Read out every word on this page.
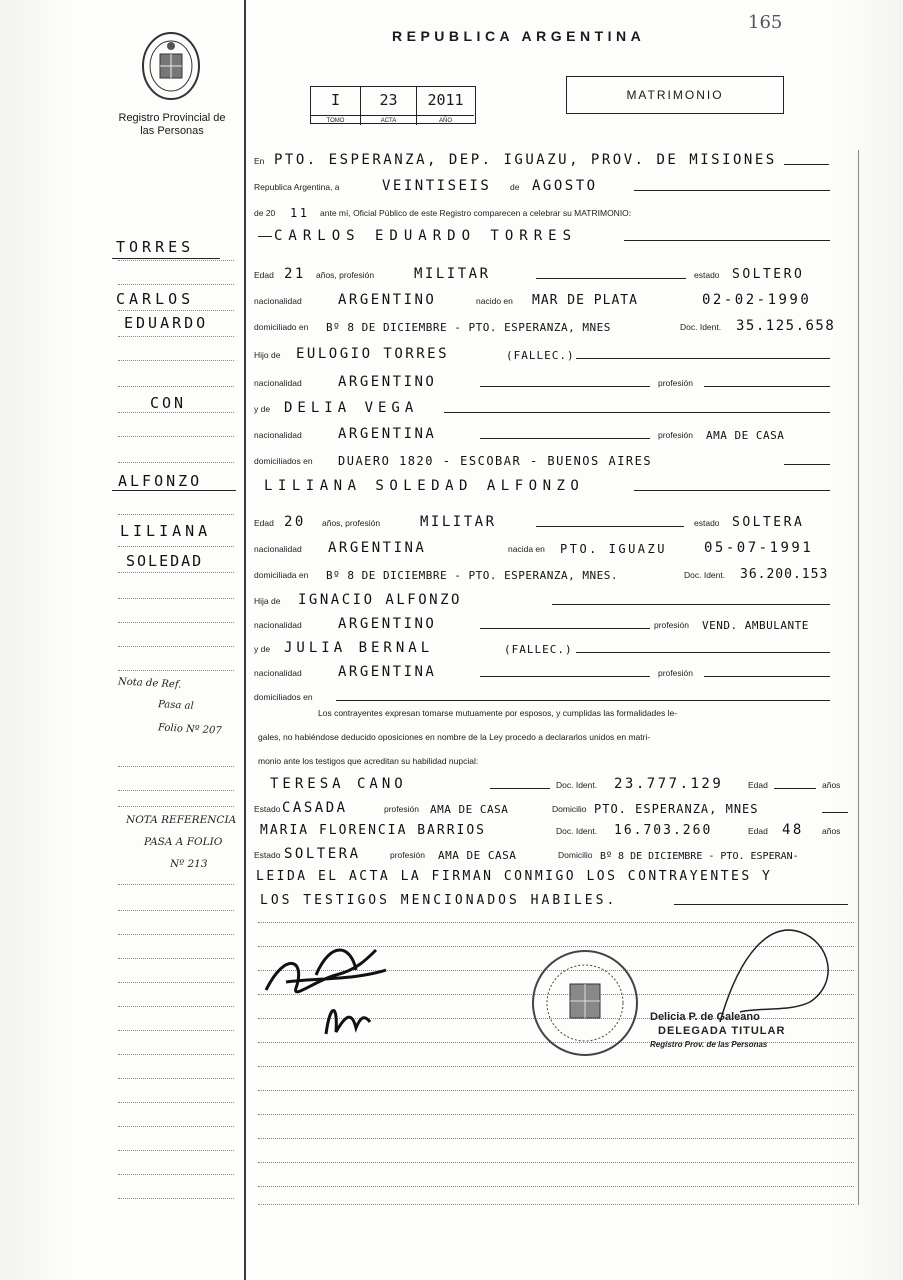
Registro Provincial de las Personas
REPUBLICA ARGENTINA
165
I
TOMO
23
ACTA
2011
AÑO
MATRIMONIO
En PTO. ESPERANZA, DEP. IGUAZU, PROV. DE MISIONES
Republica Argentina, a	VEINTISEIS de AGOSTO
de 20 11 ante mí, Oficial Público de este Registro comparecen a celebrar su MATRIMONIO:
CARLOS EDUARDO TORRES
Edad 21 años, profesión	MILITAR	estado SOLTERO
nacionalidad	ARGENTINO	nacido en MAR DE PLATA	02-02-1990
domiciliado en Bº 8 DE DICIEMBRE - PTO. ESPERANZA, MNES	Doc. Ident. 35.125.658
Hijo de EULOGIO TORRES	(FALLEC.)
nacionalidad	ARGENTINO	profesión
y de DELIA VEGA
nacionalidad	ARGENTINA	profesión AMA DE CASA
domiciliados en DUAERO 1820 - ESCOBAR - BUENOS AIRES
LILIANA SOLEDAD ALFONZO
Edad 20 años, profesión	MILITAR	estado SOLTERA
nacionalidad ARGENTINA	nacida en PTO. IGUAZU	05-07-1991
domiciliada en Bº 8 DE DICIEMBRE - PTO. ESPERANZA, MNES.	Doc. Ident. 36.200.153
Hija de IGNACIO ALFONZO
nacionalidad	ARGENTINO	profesión VEND. AMBULANTE
y de JULIA BERNAL	(FALLEC.)
nacionalidad	ARGENTINA	profesión
domiciliados en
Los contrayentes expresan tomarse mutuamente por esposos, y cumplidas las formalidades le-
gales, no habiéndose deducido oposiciones en nombre de la Ley procedo a declararlos unidos en matri-
monio ante los testigos que acreditan su habilidad nupcial:
TERESA CANO	Doc. Ident. 23.777.129	Edad	años
Estado CASADA	profesión AMA DE CASA	Domicilio PTO. ESPERANZA, MNES
MARIA FLORENCIA BARRIOS	Doc. Ident. 16.703.260	Edad 48 años
Estado SOLTERA	profesión AMA DE CASA	Domicilio Bº 8 DE DICIEMBRE - PTO. ESPERAN-
LEIDA EL ACTA LA FIRMAN CONMIGO LOS CONTRAYENTES Y
LOS TESTIGOS MENCIONADOS HABILES.
TORRES
CARLOS
EDUARDO
CON
ALFONZO
LILIANA
SOLEDAD
Nota de Ref.
Pasa al
Folio Nº 207
NOTA REFERENCIA
PASA A FOLIO
Nº 213
Delicia P. de Galeano
DELEGADA TITULAR
Registro Prov. de las Personas
